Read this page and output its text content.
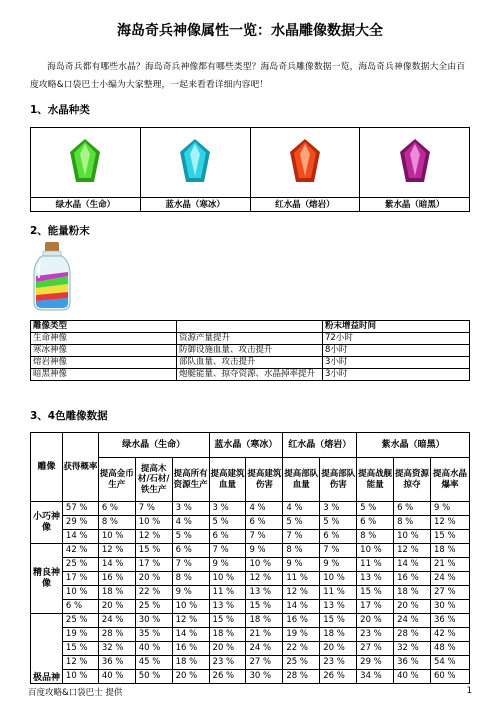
海岛奇兵神像属性一览：水晶雕像数据大全
海岛奇兵都有哪些水晶？海岛奇兵神像都有哪些类型？海岛奇兵雕像数据一览，海岛奇兵神像数据大全由百度攻略&口袋巴士小编为大家整理，一起来看看详细内容吧！
1、水晶种类

绿水晶（生命）	蓝水晶（寒冰）	红水晶（熔岩）	紫水晶（暗黑）
2、能量粉末
雕像类型		粉末增益时间
生命神像	资源产量提升	72小时
寒冰神像	防御设施血量、攻击提升	8小时
熔岩神像	部队血量、攻击提升	3小时
暗黑神像	炮艇能量、掠夺资源、水晶掉率提升	3小时
3、4色雕像数据
雕像	获得概率	绿水晶（生命）			蓝水晶（寒冰）		红水晶（熔岩）		紫水晶（暗黑）		
		提高金币生产	提高木材/石材/铁生产	提高所有资源生产	提高建筑血量	提高建筑伤害	提高部队血量	提高部队伤害	提高战舰能量	提高资源掠夺	提高水晶爆率
小巧神像	57 %	6 %	7 %	3 %	3 %	4 %	4 %	3 %	5 %	6 %	9 %
	29 %	8 %	10 %	4 %	5 %	6 %	5 %	5 %	6 %	8 %	12 %
	14 %	10 %	12 %	5 %	6 %	7 %	7 %	6 %	8 %	10 %	15 %
精良神像	42 %	12 %	15 %	6 %	7 %	9 %	8 %	7 %	10 %	12 %	18 %
	25 %	14 %	17 %	7 %	9 %	10 %	9 %	9 %	11 %	14 %	21 %
	17 %	16 %	20 %	8 %	10 %	12 %	11 %	10 %	13 %	16 %	24 %
	10 %	18 %	22 %	9 %	11 %	13 %	12 %	11 %	15 %	18 %	27 %
	6 %	20 %	25 %	10 %	13 %	15 %	14 %	13 %	17 %	20 %	30 %
极品神	25 %	24 %	30 %	12 %	15 %	18 %	16 %	15 %	20 %	24 %	36 %
	19 %	28 %	35 %	14 %	18 %	21 %	19 %	18 %	23 %	28 %	42 %
	15 %	32 %	40 %	16 %	20 %	24 %	22 %	20 %	27 %	32 %	48 %
	12 %	36 %	45 %	18 %	23 %	27 %	25 %	23 %	29 %	36 %	54 %
	10 %	40 %	50 %	20 %	26 %	30 %	28 %	26 %	34 %	40 %	60 %
百度攻略&口袋巴士 提供	1
